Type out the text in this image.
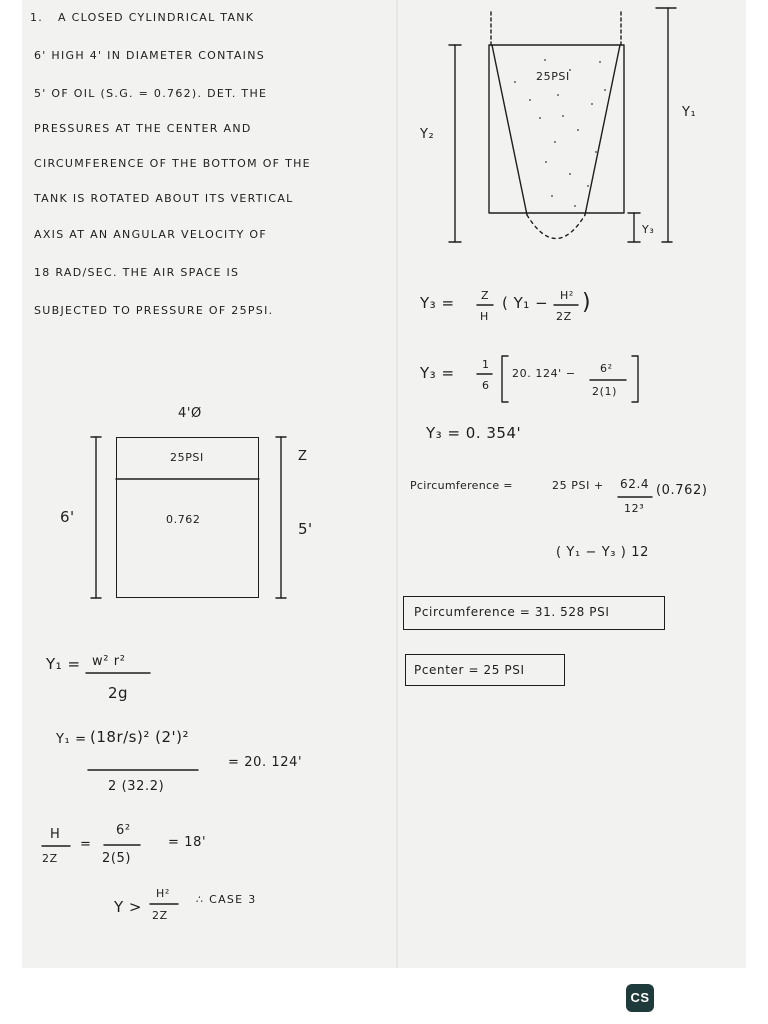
1. A CLOSED CYLINDRICAL TANK
6' HIGH 4' IN DIAMETER CONTAINS
5' OF OIL (S.G. = 0.762). DET. THE
PRESSURES AT THE CENTER AND
CIRCUMFERENCE OF THE BOTTOM OF THE
TANK IS ROTATED ABOUT ITS VERTICAL
AXIS AT AN ANGULAR VELOCITY OF
18 RAD/SEC. THE AIR SPACE IS
SUBJECTED TO PRESSURE OF 25PSI.
4'Ø
25PSI	Z
6'	0.762
5'
25PSI
Y₁
Y₂
Y₃
Y₁ = w² r²
2g
Y₁ = (18r/s)² (2')²
2 (32.2)
= 20. 124'
H
2Z
=
6²
2(5)
= 18'
Y >
H²
2Z
∴ CASE 3
Y₃ = Z
H
( Y₁ − H²
2Z
)
Y₃ = 1
6
20. 124' − 6²
2(1)
Y₃ = 0. 354'
Pcircumference =	25 PSI + 62.4
12³
(0.762)
( Y₁ − Y₃ ) 12
Pcircumference = 31. 528 PSI
Pcenter = 25 PSI
CS
